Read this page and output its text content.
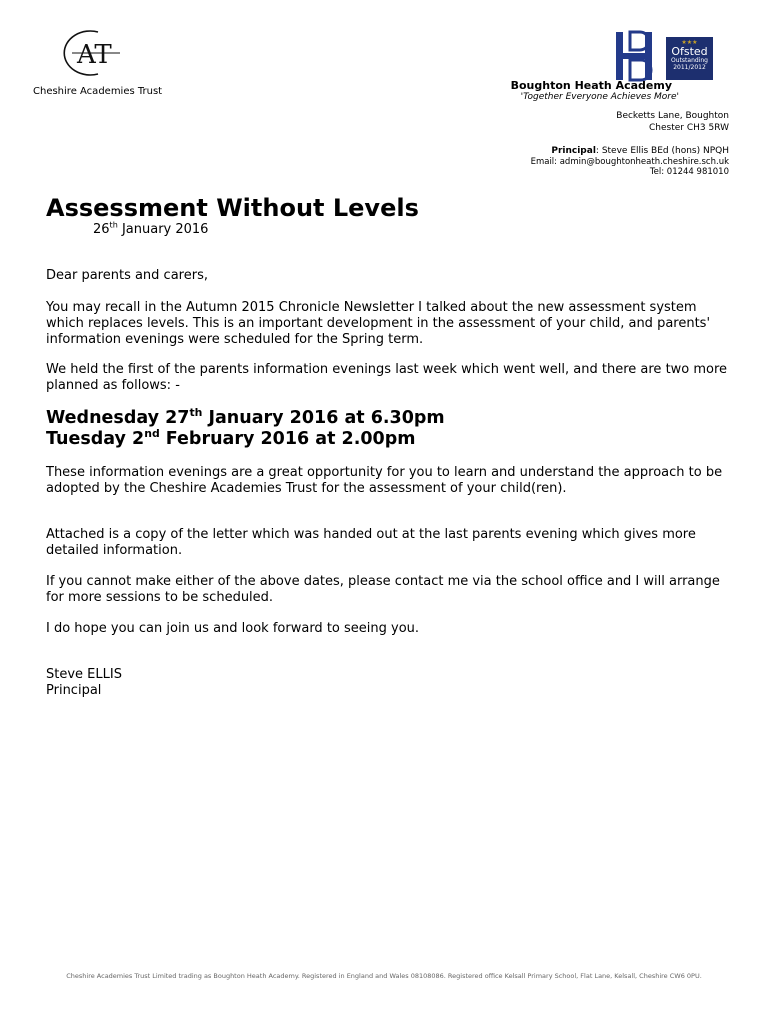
AT
Cheshire Academies Trust
BH
★★★
Ofsted
Outstanding
2011/2012
Boughton Heath Academy
'Together Everyone Achieves More'
Becketts Lane, Boughton
Chester CH3 5RW
Principal: Steve Ellis BEd (hons) NPQH
Email: admin@boughtonheath.cheshire.sch.uk
Tel: 01244 981010
Assessment Without Levels
26th January 2016

Dear parents and carers,

You may recall in the Autumn 2015 Chronicle Newsletter I talked about the new assessment system which replaces levels. This is an important development in the assessment of your child, and parents' information evenings were scheduled for the Spring term.

We held the first of the parents information evenings last week which went well, and there are two more planned as follows: -

Wednesday 27th January 2016 at 6.30pm
Tuesday 2nd February 2016 at 2.00pm

These information evenings are a great opportunity for you to learn and understand the approach to be adopted by the Cheshire Academies Trust for the assessment of your child(ren).

Attached is a copy of the letter which was handed out at the last parents evening which gives more detailed information.

If you cannot make either of the above dates, please contact me via the school office and I will arrange for more sessions to be scheduled.

I do hope you can join us and look forward to seeing you.

Steve ELLIS
Principal
Cheshire Academies Trust Limited trading as Boughton Heath Academy. Registered in England and Wales 08108086. Registered office Kelsall Primary School, Flat Lane, Kelsall, Cheshire CW6 0PU.
